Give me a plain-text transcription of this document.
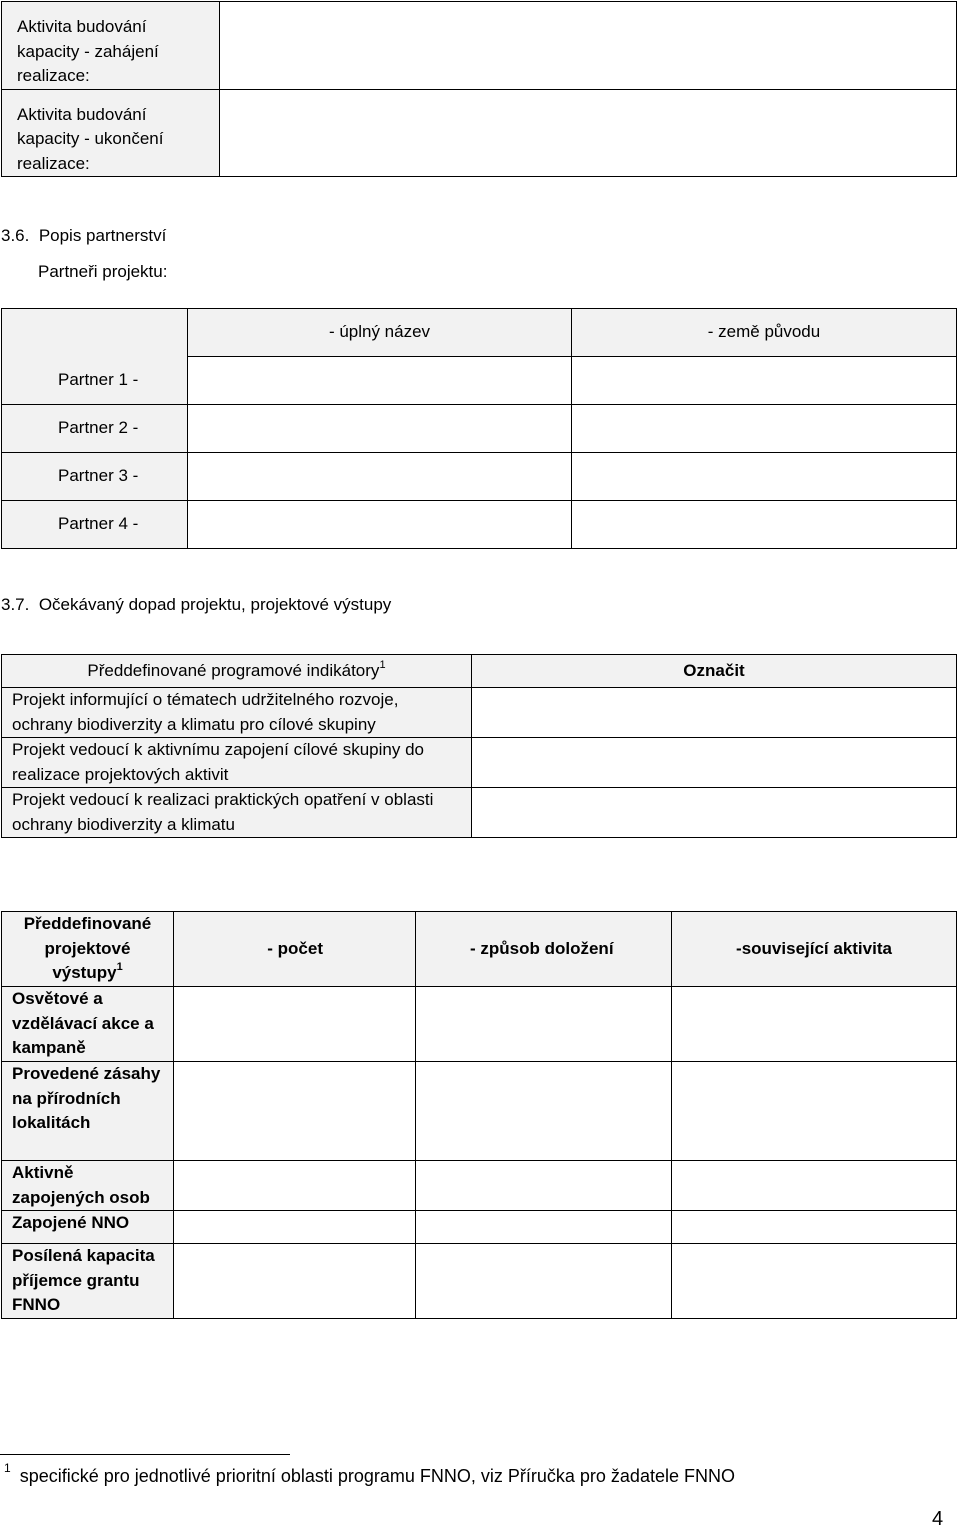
Aktivita budování kapacity - zahájení realizace:	
Aktivita budování kapacity - ukončení realizace:	
3.6. Popis partnerství
Partneři projektu:
	- úplný název	- země původu
Partner 1 -		
Partner 2 -		
Partner 3 -		
Partner 4 -		
3.7. Očekávaný dopad projektu, projektové výstupy
Předdefinované programové indikátory$^1$	Označit
Projekt informující o tématech udržitelného rozvoje, ochrany biodiverzity a klimatu pro cílové skupiny	
Projekt vedoucí k aktivnímu zapojení cílové skupiny do realizace projektových aktivit	
Projekt vedoucí k realizaci praktických opatření v oblasti ochrany biodiverzity a klimatu	
Předdefinované projektové výstupy$^1$	- počet	- způsob doložení	-související aktivita
Osvětové a vzdělávací akce a kampaně			
Provedené zásahy na přírodních lokalitách			
Aktivně zapojených osob			
Zapojené NNO			
Posílená kapacita příjemce grantu FNNO			
$^1$ specifické pro jednotlivé prioritní oblasti programu FNNO, viz Příručka pro žadatele FNNO
4
